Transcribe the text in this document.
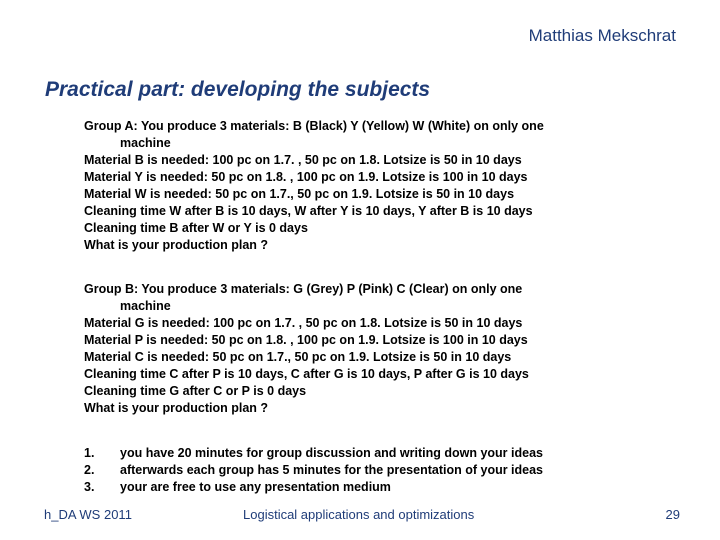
Matthias Mekschrat
Practical part: developing the subjects
Group A: You produce 3 materials: B (Black) Y (Yellow) W (White) on only one
machine
Material B is needed: 100 pc on 1.7. , 50 pc on 1.8. Lotsize is 50 in 10 days
Material Y is needed: 50 pc on 1.8. , 100 pc on 1.9. Lotsize is 100 in 10 days
Material W is needed: 50 pc on 1.7., 50 pc on 1.9. Lotsize is 50 in 10 days
Cleaning time W after B is 10 days, W after Y is 10 days, Y after B is 10 days
Cleaning time B after W or Y is 0 days
What is your production plan ?
Group B: You produce 3 materials: G (Grey) P (Pink) C (Clear) on only one
machine
Material G is needed: 100 pc on 1.7. , 50 pc on 1.8. Lotsize is 50 in 10 days
Material P is needed: 50 pc on 1.8. , 100 pc on 1.9. Lotsize is 100 in 10 days
Material C is needed: 50 pc on 1.7., 50 pc on 1.9. Lotsize is 50 in 10 days
Cleaning time C after P is 10 days, C after G is 10 days, P after G is 10 days
Cleaning time G after C or P is 0 days
What is your production plan ?
1.	you have 20 minutes for group discussion and writing down your ideas
2.	afterwards each group has 5 minutes for the presentation of your ideas
3.	your are free to use any presentation medium
h_DA WS 2011	Logistical applications and optimizations	29
